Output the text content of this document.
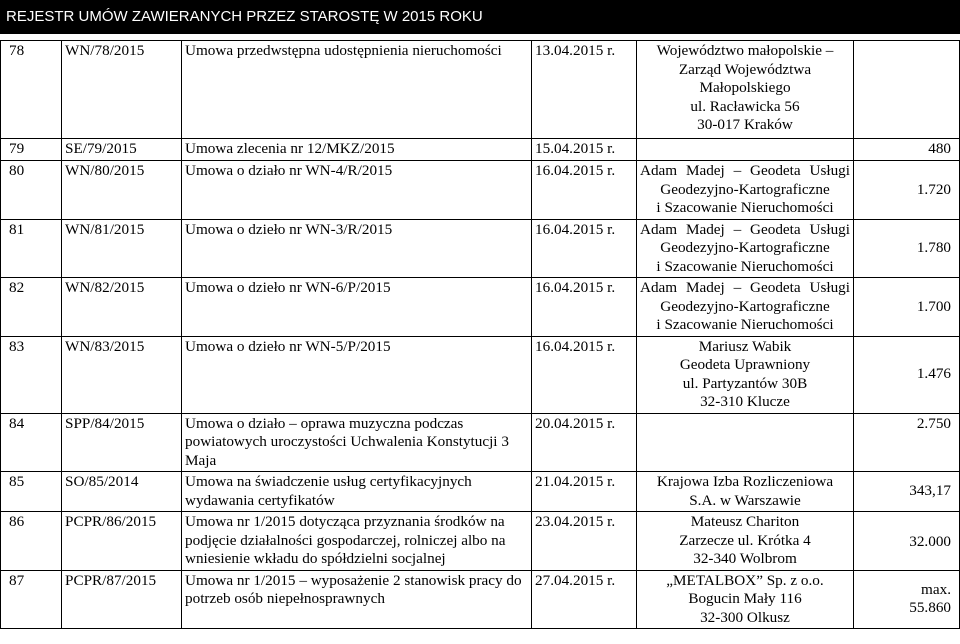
REJESTR UMÓW ZAWIERANYCH PRZEZ STAROSTĘ W 2015 ROKU
78	WN/78/2015	Umowa przedwstępna udostępnienia nieruchomości	13.04.2015 r.	Województwo małopolskie –
Zarząd Województwa
Małopolskiego
ul. Racławicka 56
30-017 Kraków	

79	SE/79/2015	Umowa zlecenia nr 12/MKZ/2015	15.04.2015 r.		480
80	WN/80/2015	Umowa o działo nr WN-4/R/2015	16.04.2015 r.	Adam Madej – Geodeta Usługi
Geodezyjno-Kartograficzne
i Szacowanie Nieruchomości	1.720
81	WN/81/2015	Umowa o dzieło nr WN-3/R/2015	16.04.2015 r.	Adam Madej – Geodeta Usługi
Geodezyjno-Kartograficzne
i Szacowanie Nieruchomości	1.780
82	WN/82/2015	Umowa o dzieło nr WN-6/P/2015	16.04.2015 r.	Adam Madej – Geodeta Usługi
Geodezyjno-Kartograficzne
i Szacowanie Nieruchomości	1.700
83	WN/83/2015	Umowa o dzieło nr WN-5/P/2015	16.04.2015 r.	Mariusz Wabik
Geodeta Uprawniony
ul. Partyzantów 30B
32-310 Klucze	1.476
84	SPP/84/2015	Umowa o działo – oprawa muzyczna podczas powiatowych uroczystości Uchwalenia Konstytucji 3 Maja	20.04.2015 r.		2.750
85	SO/85/2014	Umowa na świadczenie usług certyfikacyjnych wydawania certyfikatów	21.04.2015 r.	Krajowa Izba Rozliczeniowa
S.A. w Warszawie	343,17
86	PCPR/86/2015	Umowa nr 1/2015 dotycząca przyznania środków na podjęcie działalności gospodarczej, rolniczej albo na wniesienie wkładu do spółdzielni socjalnej	23.04.2015 r.	Mateusz Chariton
Zarzecze ul. Krótka 4
32-340 Wolbrom	32.000
87	PCPR/87/2015	Umowa nr 1/2015 – wyposażenie 2 stanowisk pracy do potrzeb osób niepełnosprawnych	27.04.2015 r.	„METALBOX” Sp. z o.o.
Bogucin Mały 116
32-300 Olkusz	max. 55.860
